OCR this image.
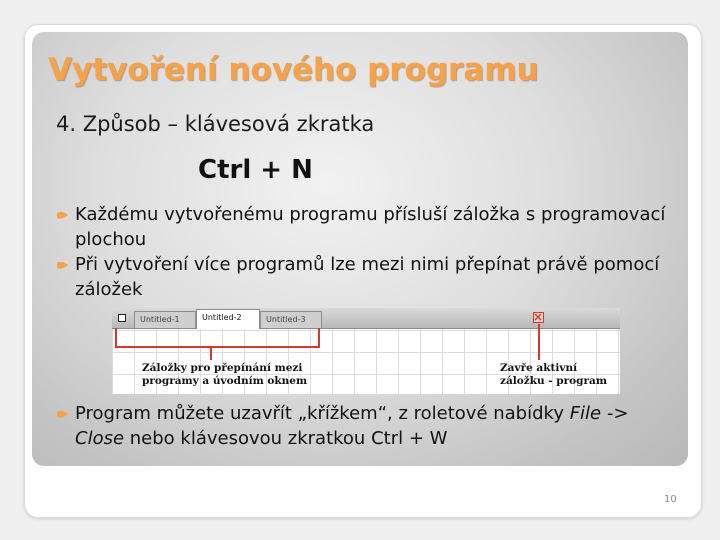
Vytvoření nového programu
4. Způsob – klávesová zkratka
Ctrl + N
Každému vytvořenému programu přísluší záložka s programovací plochou
Při vytvoření více programů lze mezi nimi přepínat právě pomocí záložek
Untitled-1	Untitled-2	Untitled-3
Záložky pro přepínání mezi
programy a úvodním oknem
Zavře aktivní
záložku - program
Program můžete uzavřít „křížkem“, z roletové nabídky File -> Close nebo klávesovou zkratkou Ctrl + W
10
